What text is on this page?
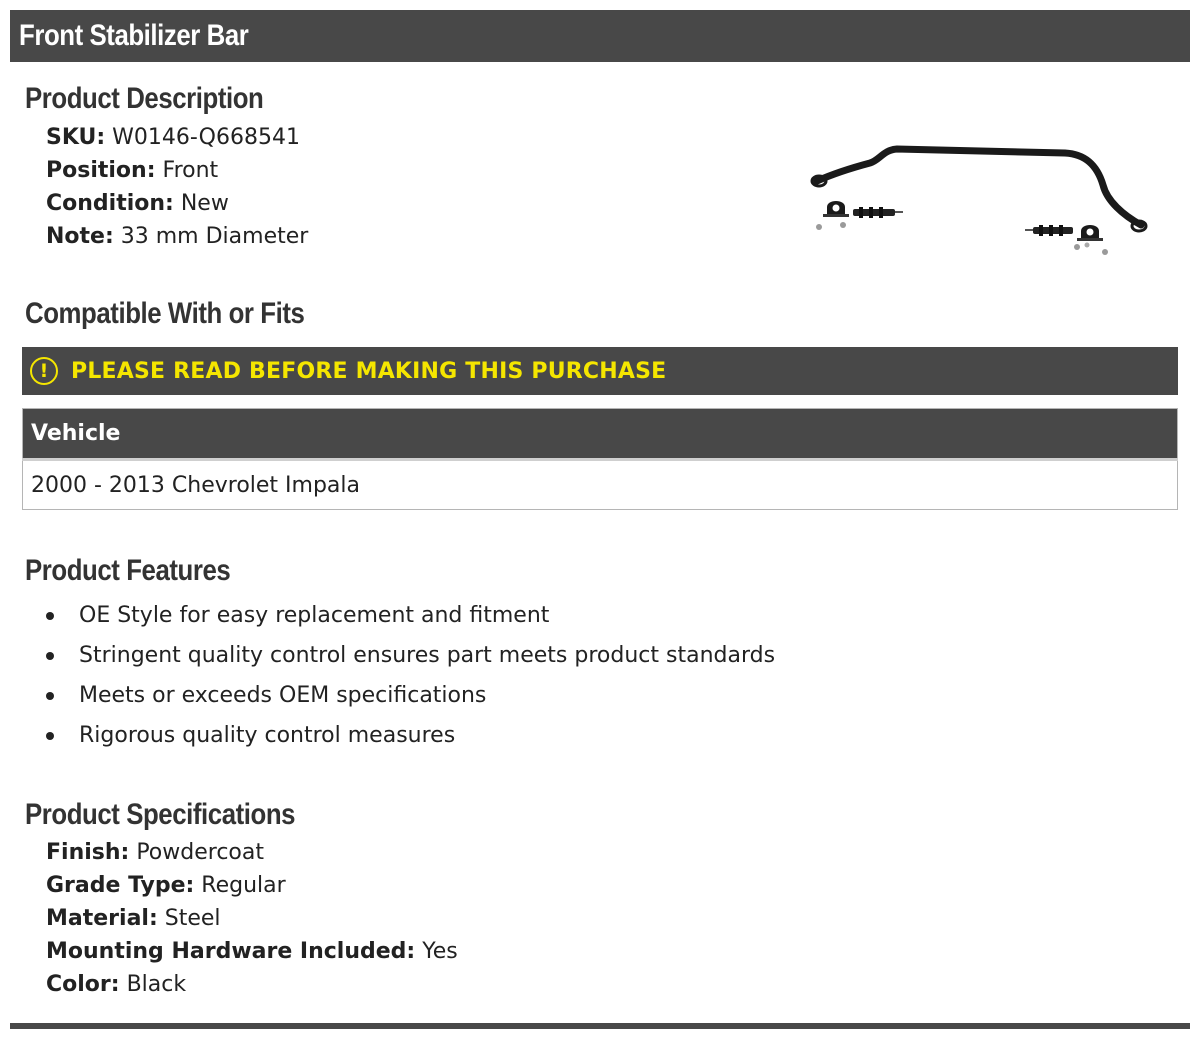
Front Stabilizer Bar
Product Description
SKU: W0146-Q668541
Position: Front
Condition: New
Note: 33 mm Diameter
Compatible With or Fits
!	PLEASE READ BEFORE MAKING THIS PURCHASE
Vehicle
2000 - 2013 Chevrolet Impala
Product Features
OE Style for easy replacement and fitment
Stringent quality control ensures part meets product standards
Meets or exceeds OEM specifications
Rigorous quality control measures
Product Specifications
Finish: Powdercoat
Grade Type: Regular
Material: Steel
Mounting Hardware Included: Yes
Color: Black
